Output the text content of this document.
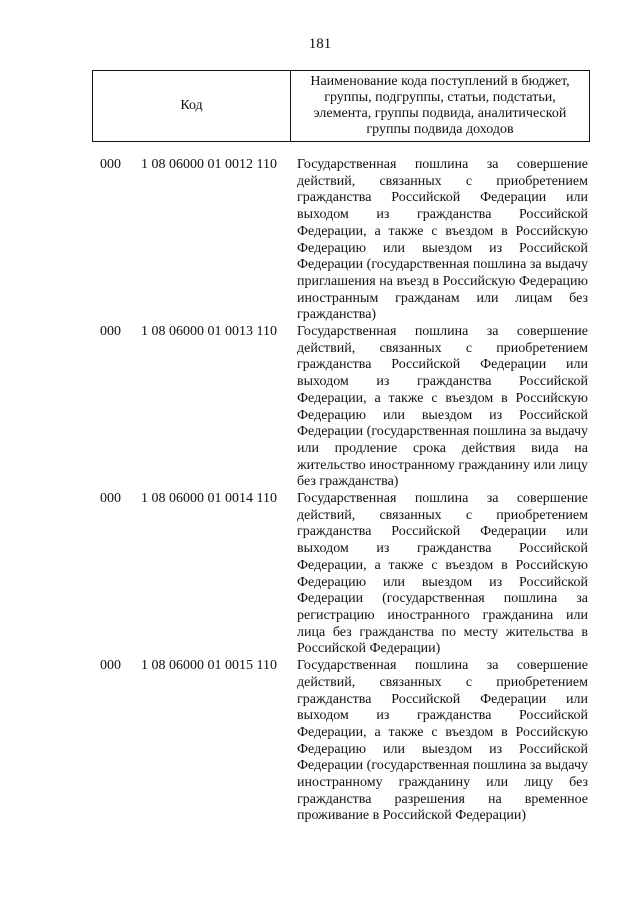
181
Код
Наименование кода поступлений в бюджет, группы, подгруппы, статьи, подстатьи, элемента, группы подвида, аналитической группы подвида доходов
000 1 08 06000 01 0012 110 Государственная пошлина за совершение действий, связанных с приобретением гражданства Российской Федерации или выходом из гражданства Российской Федерации, а также с въездом в Российскую Федерацию или выездом из Российской Федерации (государственная пошлина за выдачу приглашения на въезд в Российскую Федерацию иностранным гражданам или лицам без гражданства)
000 1 08 06000 01 0013 110 Государственная пошлина за совершение действий, связанных с приобретением гражданства Российской Федерации или выходом из гражданства Российской Федерации, а также с въездом в Российскую Федерацию или выездом из Российской Федерации (государственная пошлина за выдачу или продление срока действия вида на жительство иностранному гражданину или лицу без гражданства)
000 1 08 06000 01 0014 110 Государственная пошлина за совершение действий, связанных с приобретением гражданства Российской Федерации или выходом из гражданства Российской Федерации, а также с въездом в Российскую Федерацию или выездом из Российской Федерации (государственная пошлина за регистрацию иностранного гражданина или лица без гражданства по месту жительства в Российской Федерации)
000 1 08 06000 01 0015 110 Государственная пошлина за совершение действий, связанных с приобретением гражданства Российской Федерации или выходом из гражданства Российской Федерации, а также с въездом в Российскую Федерацию или выездом из Российской Федерации (государственная пошлина за выдачу иностранному гражданину или лицу без гражданства разрешения на временное проживание в Российской Федерации)
